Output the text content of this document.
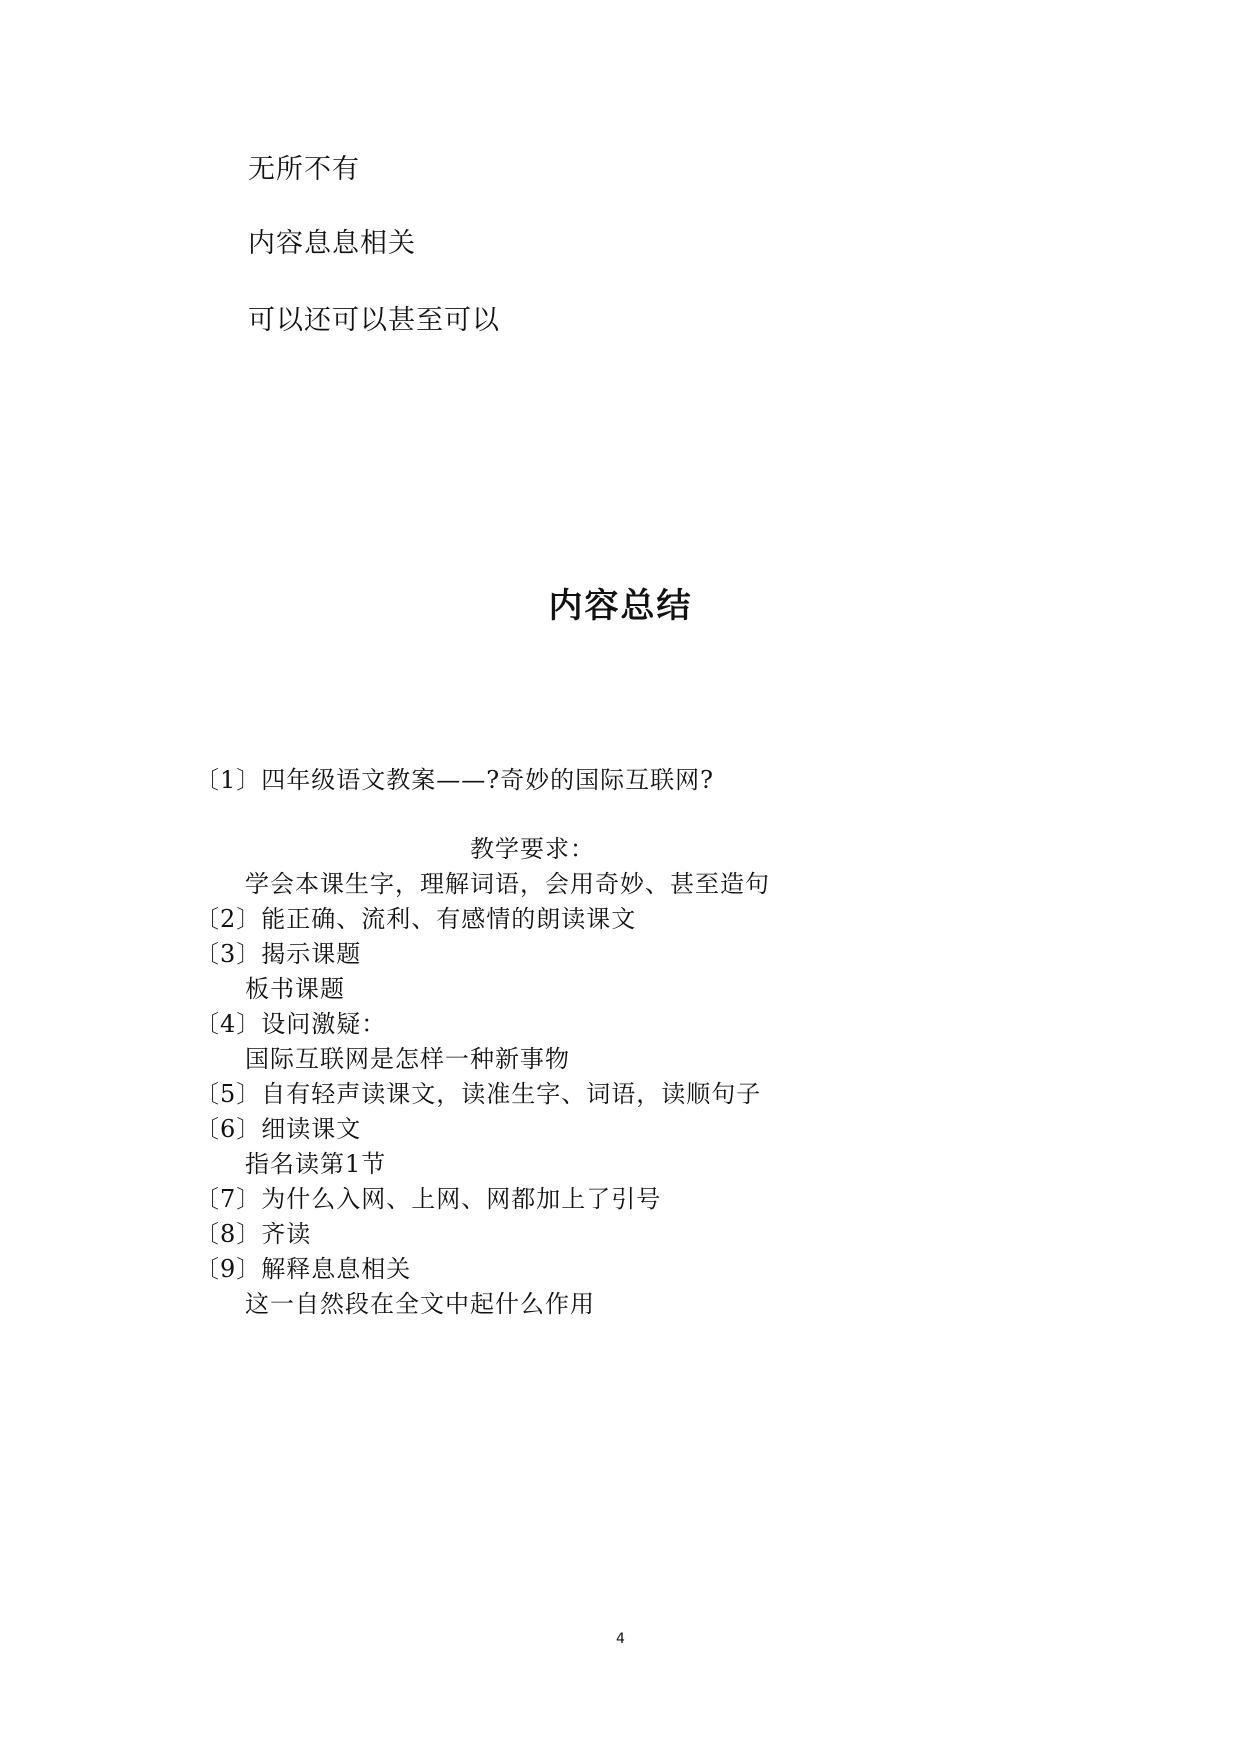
无所不有
内容息息相关
可以还可以甚至可以
内容总结
〔1〕四年级语文教案——?奇妙的国际互联网?
教学要求：
学会本课生字，理解词语，会用奇妙、甚至造句
〔2〕能正确、流利、有感情的朗读课文
〔3〕揭示课题
板书课题
〔4〕设问激疑：
国际互联网是怎样一种新事物
〔5〕自有轻声读课文，读准生字、词语，读顺句子
〔6〕细读课文
指名读第1节
〔7〕为什么入网、上网、网都加上了引号
〔8〕齐读
〔9〕解释息息相关
这一自然段在全文中起什么作用
4
